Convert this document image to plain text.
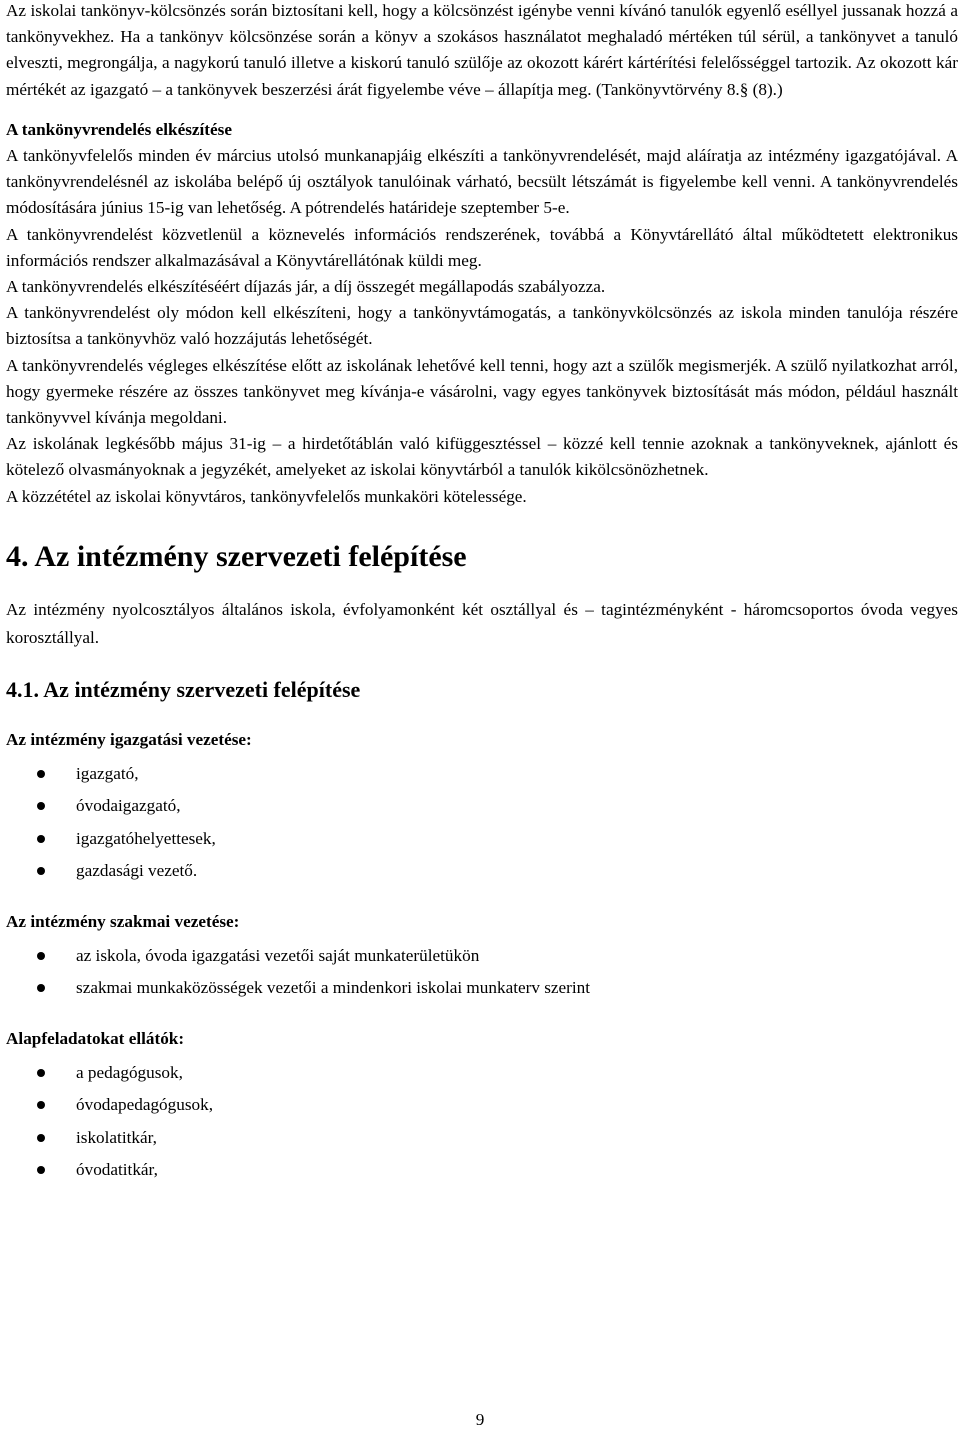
Az iskolai tankönyv-kölcsönzés során biztosítani kell, hogy a kölcsönzést igénybe venni kívánó tanulók egyenlő eséllyel jussanak hozzá a tankönyvekhez. Ha a tankönyv kölcsönzése során a könyv a szokásos használatot meghaladó mértéken túl sérül, a tankönyvet a tanuló elveszti, megrongálja, a nagykorú tanuló illetve a kiskorú tanuló szülője az okozott kárért kártérítési felelősséggel tartozik. Az okozott kár mértékét az igazgató – a tankönyvek beszerzési árát figyelembe véve – állapítja meg. (Tankönyvtörvény 8.§ (8).)

A tankönyvrendelés elkészítése

A tankönyvfelelős minden év március utolsó munkanapjáig elkészíti a tankönyvrendelését, majd aláíratja az intézmény igazgatójával. A tankönyvrendelésnél az iskolába belépő új osztályok tanulóinak várható, becsült létszámát is figyelembe kell venni. A tankönyvrendelés módosítására június 15-ig van lehetőség. A pótrendelés határideje szeptember 5-e.

A tankönyvrendelést közvetlenül a köznevelés információs rendszerének, továbbá a Könyvtárellátó által működtetett elektronikus információs rendszer alkalmazásával a Könyvtárellátónak küldi meg.

A tankönyvrendelés elkészítéséért díjazás jár, a díj összegét megállapodás szabályozza.

A tankönyvrendelést oly módon kell elkészíteni, hogy a tankönyvtámogatás, a tankönyvkölcsönzés az iskola minden tanulója részére biztosítsa a tankönyvhöz való hozzájutás lehetőségét.

A tankönyvrendelés végleges elkészítése előtt az iskolának lehetővé kell tenni, hogy azt a szülők megismerjék. A szülő nyilatkozhat arról, hogy gyermeke részére az összes tankönyvet meg kívánja-e vásárolni, vagy egyes tankönyvek biztosítását más módon, például használt tankönyvvel kívánja megoldani.

Az iskolának legkésőbb május 31-ig – a hirdetőtáblán való kifüggesztéssel – közzé kell tennie azoknak a tankönyveknek, ajánlott és kötelező olvasmányoknak a jegyzékét, amelyeket az iskolai könyvtárból a tanulók kikölcsönözhetnek.

A közzététel az iskolai könyvtáros, tankönyvfelelős munkaköri kötelessége.

4. Az intézmény szervezeti felépítése

Az intézmény nyolcosztályos általános iskola, évfolyamonként két osztállyal és – tagintézményként - háromcsoportos óvoda vegyes korosztállyal.

4.1. Az intézmény szervezeti felépítése
Az intézmény igazgatási vezetése:
igazgató,
óvodaigazgató,
igazgatóhelyettesek,
gazdasági vezető.
Az intézmény szakmai vezetése:
az iskola, óvoda igazgatási vezetői saját munkaterületükön
szakmai munkaközösségek vezetői a mindenkori iskolai munkaterv szerint
Alapfeladatokat ellátók:
a pedagógusok,
óvodapedagógusok,
iskolatitkár,
óvodatitkár,
9
